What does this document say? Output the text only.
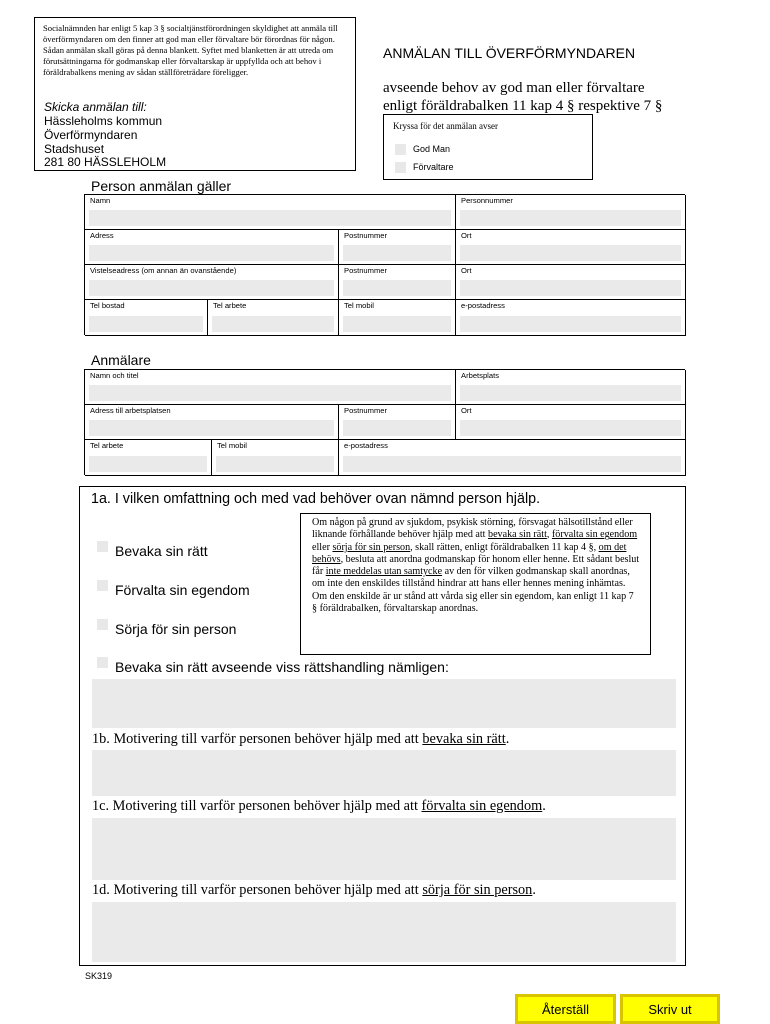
Socialnämnden har enligt 5 kap 3 § socialtjänstförordningen skyldighet att anmäla till överförmyndaren om den finner att god man eller förvaltare bör förordnas för någon. Sådan anmälan skall göras på denna blankett. Syftet med blanketten är att utreda om förutsättningarna för godmanskap eller förvaltarskap är uppfyllda och att behov i föräldrabalkens mening av sådan ställföreträdare föreligger.
Skicka anmälan till:
Hässleholms kommun
Överförmyndaren
Stadshuset
281 80 HÄSSLEHOLM
ANMÄLAN TILL ÖVERFÖRMYNDAREN
avseende behov av god man eller förvaltare
enligt föräldrabalken 11 kap 4 § respektive 7 §
Kryssa för det anmälan avser
God Man
Förvaltare
Person anmälan gäller
Namn	Personnummer
Adress	Postnummer	Ort
Vistelseadress (om annan än ovanstående)	Postnummer	Ort
Tel bostad	Tel arbete	Tel mobil	e-postadress
Anmälare
Namn och titel	Arbetsplats
Adress till arbetsplatsen	Postnummer	Ort
Tel arbete	Tel mobil	e-postadress
1a. I vilken omfattning och med vad behöver ovan nämnd person hjälp.
Bevaka sin rätt
Förvalta sin egendom
Sörja för sin person
Bevaka sin rätt avseende viss rättshandling nämligen:
Om någon på grund av sjukdom, psykisk störning, försvagat hälsotillstånd eller liknande förhållande behöver hjälp med att bevaka sin rätt, förvalta sin egendom eller sörja för sin person, skall rätten, enligt föräldrabalken 11 kap 4 §, om det behövs, besluta att anordna godmanskap för honom eller henne. Ett sådant beslut får inte meddelas utan samtycke av den för vilken godmanskap skall anordnas, om inte den enskildes tillstånd hindrar att hans eller hennes mening inhämtas. Om den enskilde är ur stånd att vårda sig eller sin egendom, kan enligt 11 kap 7 § föräldrabalken, förvaltarskap anordnas.
1b. Motivering till varför personen behöver hjälp med att bevaka sin rätt.
1c. Motivering till varför personen behöver hjälp med att förvalta sin egendom.
1d. Motivering till varför personen behöver hjälp med att sörja för sin person.
SK319
Återställ	Skriv ut
